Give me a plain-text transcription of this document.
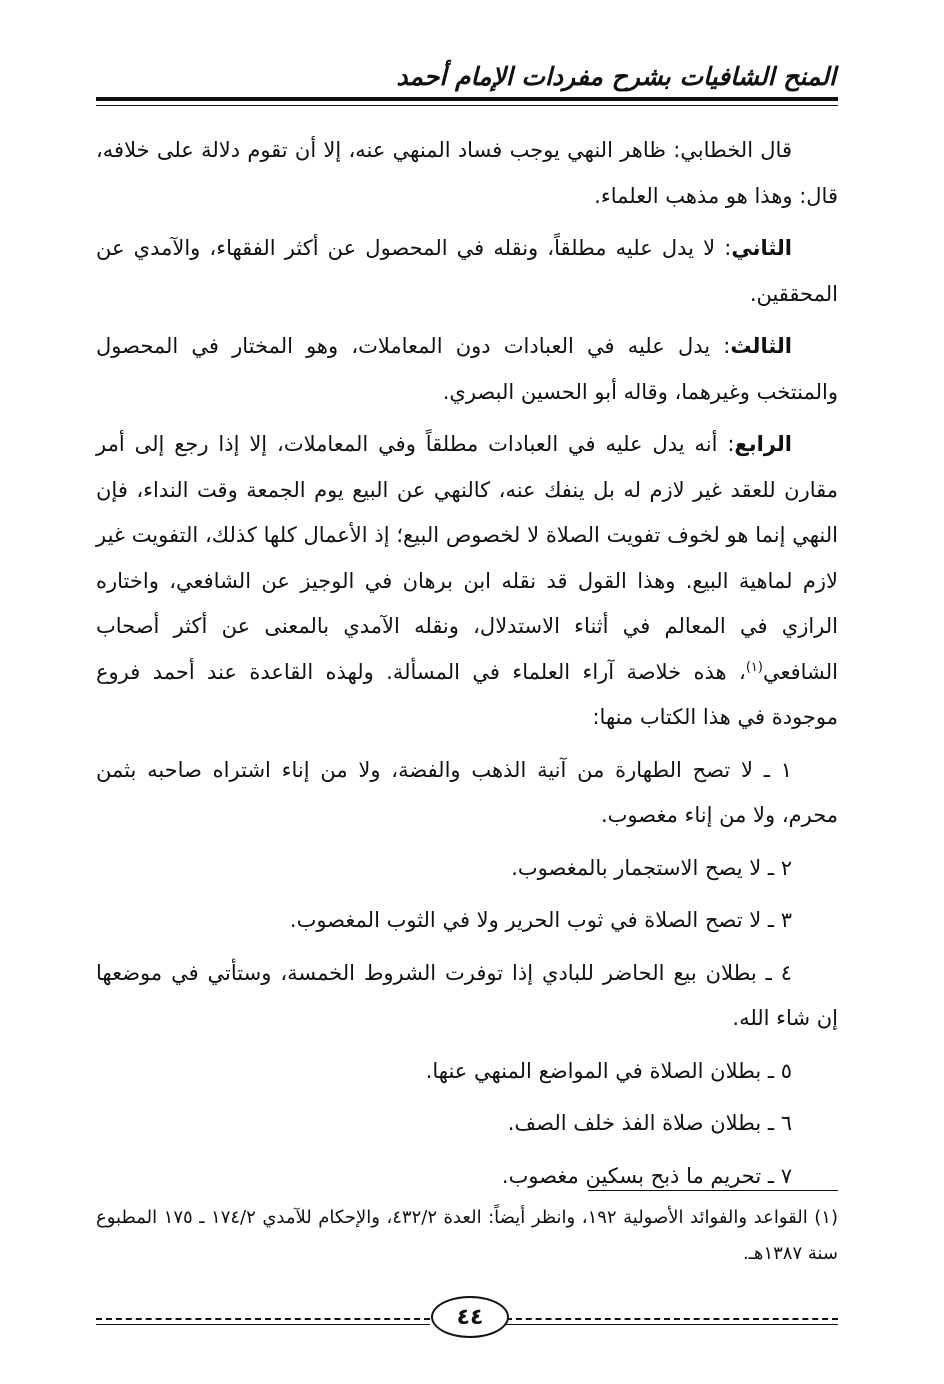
المنح الشافيات بشرح مفردات الإمام أحمد

قال الخطابي: ظاهر النهي يوجب فساد المنهي عنه، إلا أن تقوم دلالة على خلافه، قال: وهذا هو مذهب العلماء.

الثاني: لا يدل عليه مطلقاً، ونقله في المحصول عن أكثر الفقهاء، والآمدي عن المحققين.

الثالث: يدل عليه في العبادات دون المعاملات، وهو المختار في المحصول والمنتخب وغيرهما، وقاله أبو الحسين البصري.

الرابع: أنه يدل عليه في العبادات مطلقاً وفي المعاملات، إلا إذا رجع إلى أمر مقارن للعقد غير لازم له بل ينفك عنه، كالنهي عن البيع يوم الجمعة وقت النداء، فإن النهي إنما هو لخوف تفويت الصلاة لا لخصوص البيع؛ إذ الأعمال كلها كذلك، التفويت غير لازم لماهية البيع. وهذا القول قد نقله ابن برهان في الوجيز عن الشافعي، واختاره الرازي في المعالم في أثناء الاستدلال، ونقله الآمدي بالمعنى عن أكثر أصحاب الشافعي$^{(١)}$، هذه خلاصة آراء العلماء في المسألة. ولهذه القاعدة عند أحمد فروع موجودة في هذا الكتاب منها:

١ ـ لا تصح الطهارة من آنية الذهب والفضة، ولا من إناء اشتراه صاحبه بثمن محرم، ولا من إناء مغصوب.

٢ ـ لا يصح الاستجمار بالمغصوب.

٣ ـ لا تصح الصلاة في ثوب الحرير ولا في الثوب المغصوب.

٤ ـ بطلان بيع الحاضر للبادي إذا توفرت الشروط الخمسة، وستأتي في موضعها إن شاء الله.

٥ ـ بطلان الصلاة في المواضع المنهي عنها.

٦ ـ بطلان صلاة الفذ خلف الصف.

٧ ـ تحريم ما ذبح بسكين مغصوب.

(١) القواعد والفوائد الأصولية ١٩٢، وانظر أيضاً: العدة ٤٣٢/٢، والإحكام للآمدي ١٧٤/٢ ـ ١٧٥ المطبوع سنة ١٣٨٧هـ.

٤٤
